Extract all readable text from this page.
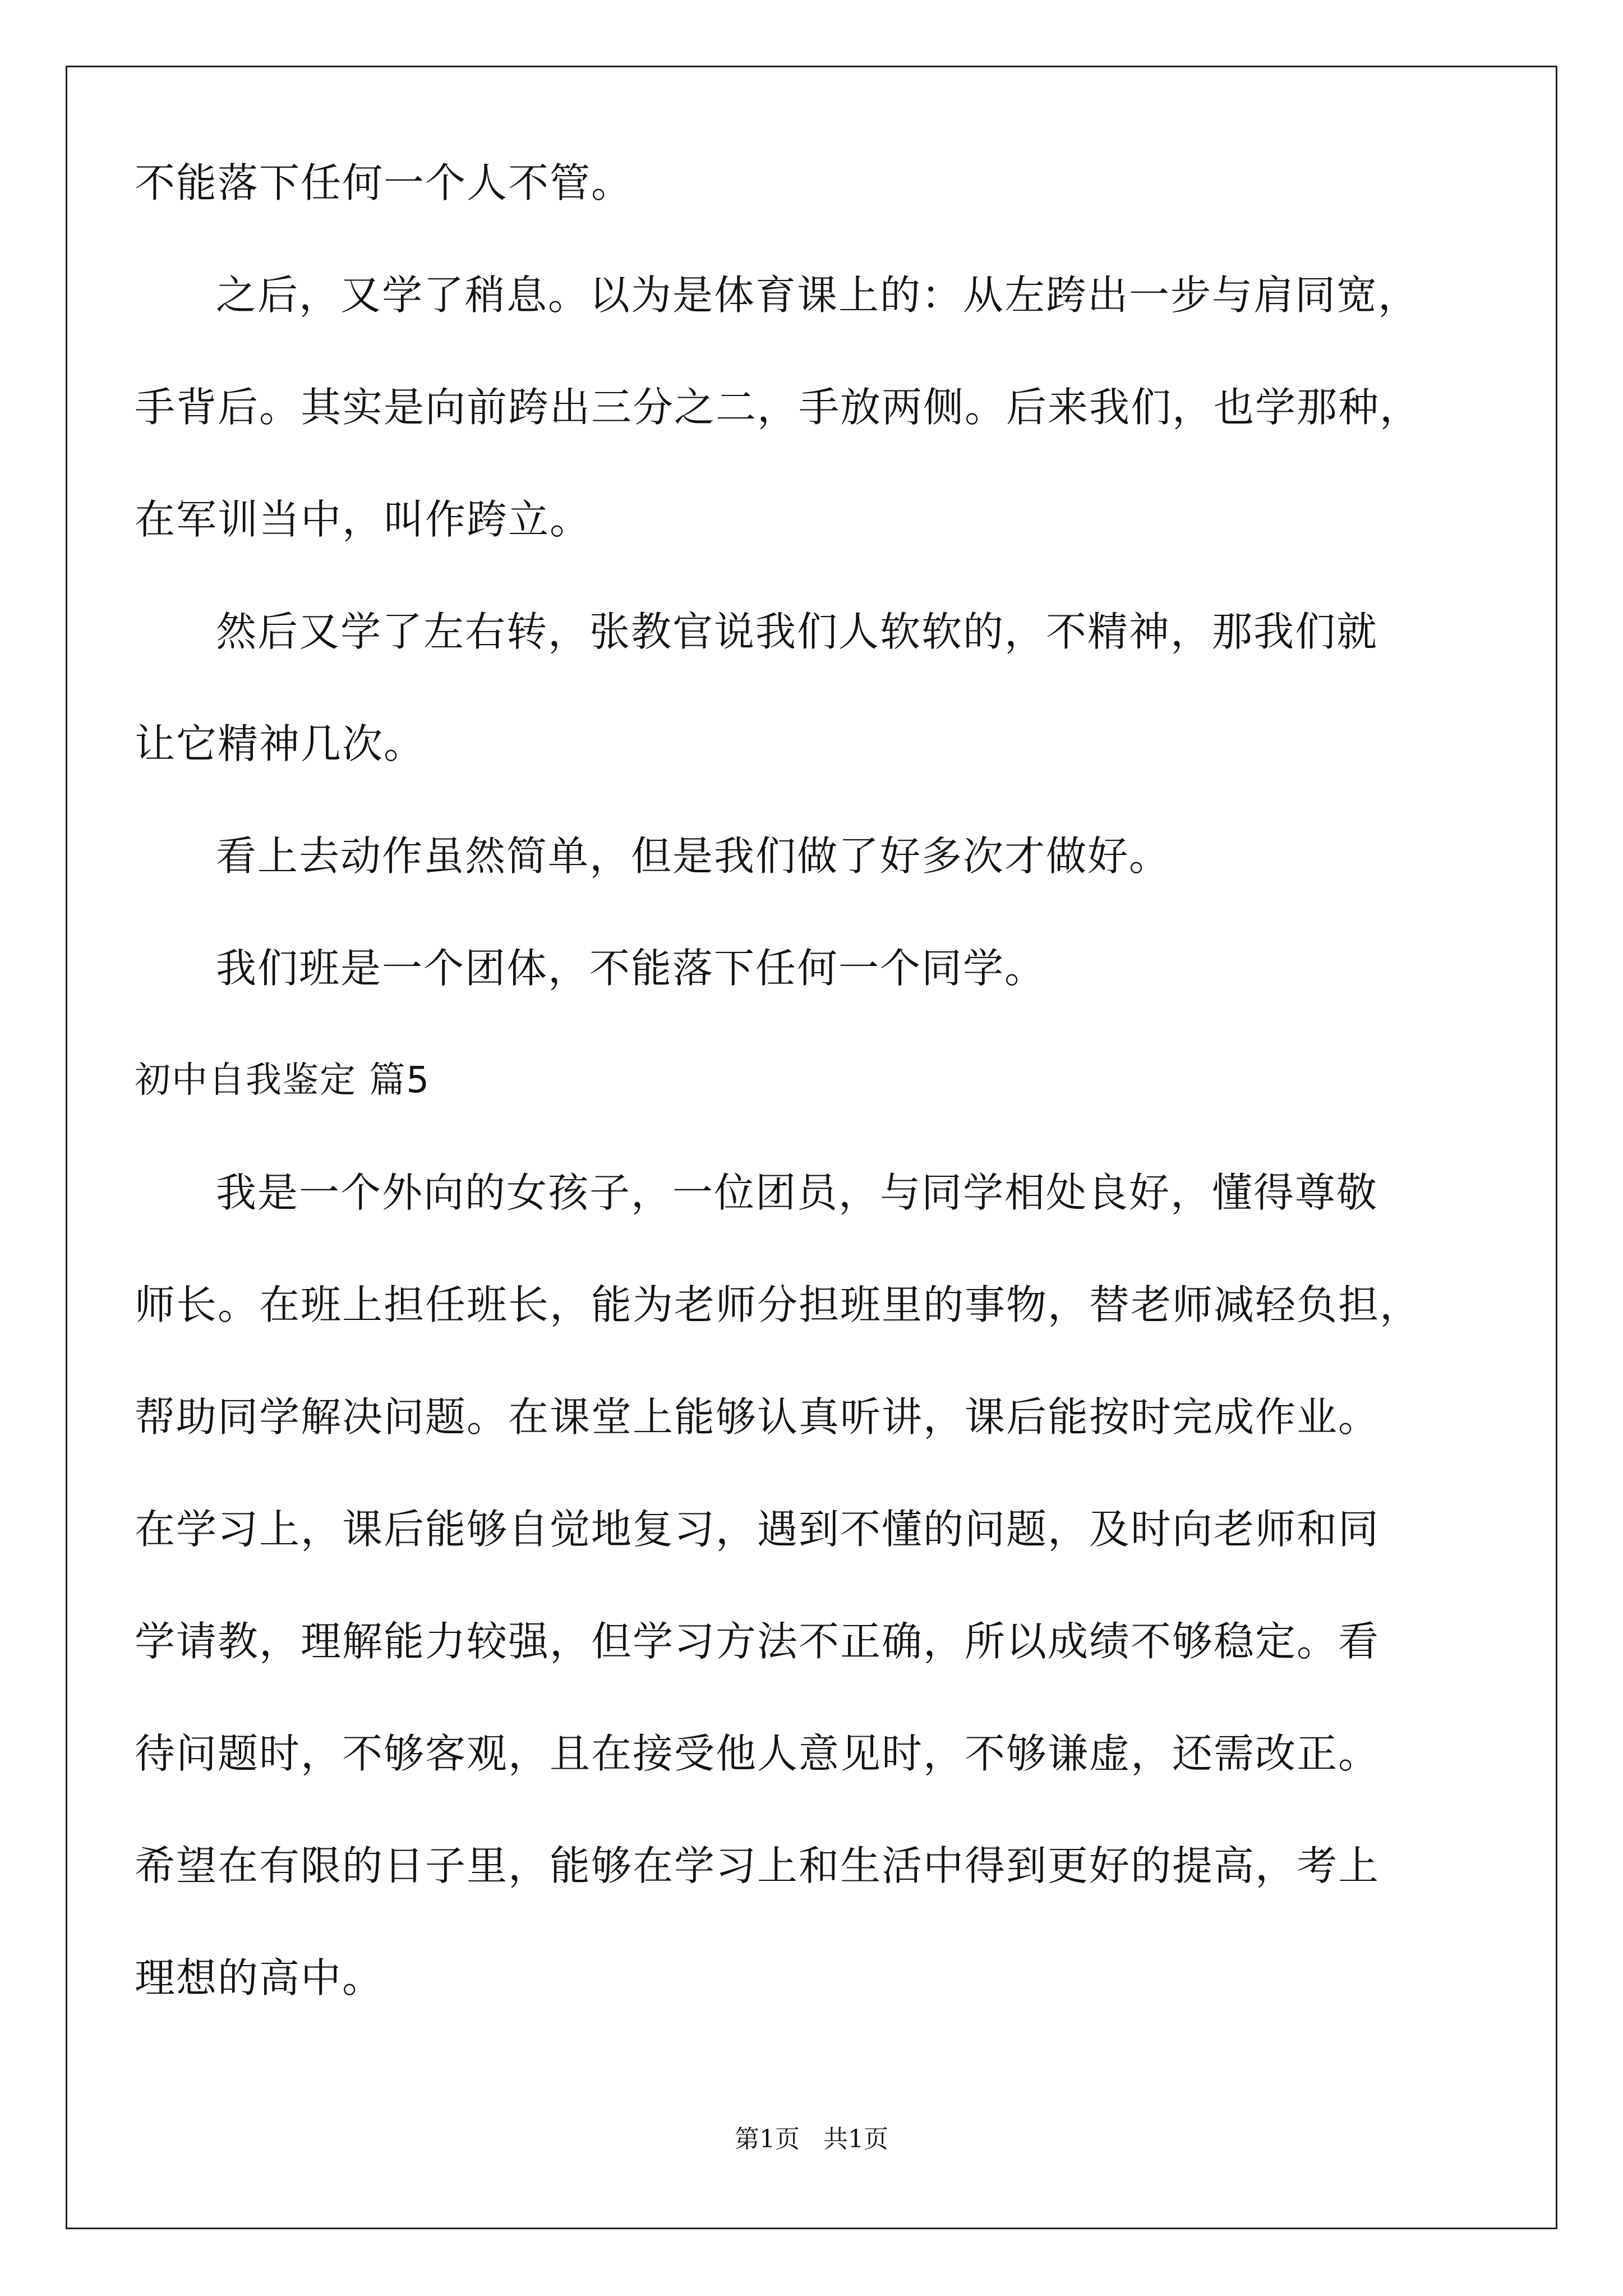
不能落下任何一个人不管。
之后，又学了稍息。以为是体育课上的：从左跨出一步与肩同宽，
手背后。其实是向前跨出三分之二，手放两侧。后来我们，也学那种，
在军训当中，叫作跨立。
然后又学了左右转，张教官说我们人软软的，不精神，那我们就
让它精神几次。
看上去动作虽然简单，但是我们做了好多次才做好。
我们班是一个团体，不能落下任何一个同学。
初中自我鉴定 篇5
我是一个外向的女孩子，一位团员，与同学相处良好，懂得尊敬
师长。在班上担任班长，能为老师分担班里的事物，替老师减轻负担，
帮助同学解决问题。在课堂上能够认真听讲，课后能按时完成作业。
在学习上，课后能够自觉地复习，遇到不懂的问题，及时向老师和同
学请教，理解能力较强，但学习方法不正确，所以成绩不够稳定。看
待问题时，不够客观，且在接受他人意见时，不够谦虚，还需改正。
希望在有限的日子里，能够在学习上和生活中得到更好的提高，考上
理想的高中。
第1页   共1页
